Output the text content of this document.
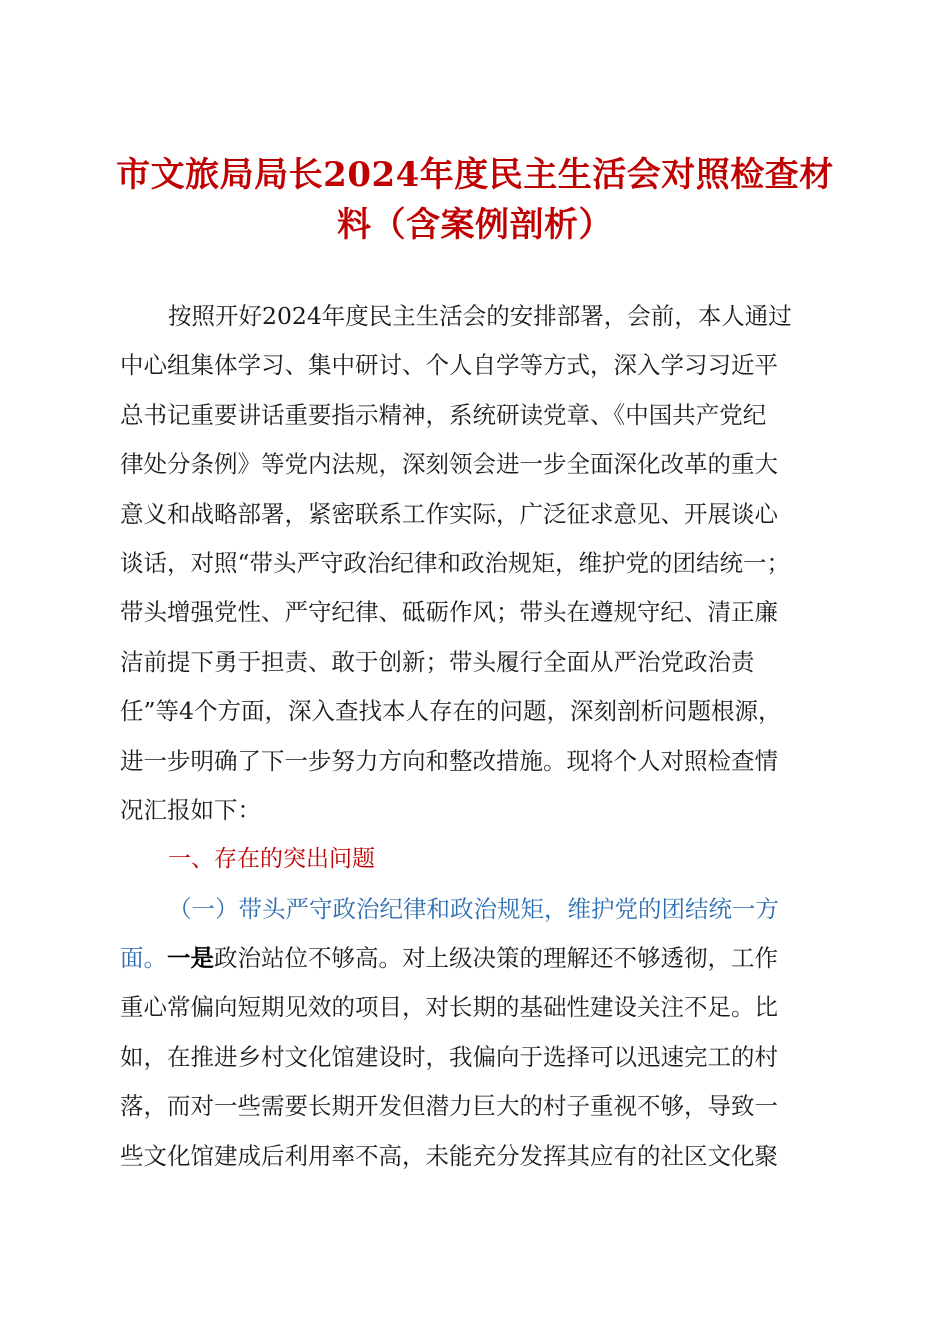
市文旅局局长2024年度民主生活会对照检查材
料（含案例剖析）
按照开好2024年度民主生活会的安排部署，会前，本人通过
中心组集体学习、集中研讨、个人自学等方式，深入学习习近平
总书记重要讲话重要指示精神，系统研读党章、《中国共产党纪
律处分条例》等党内法规，深刻领会进一步全面深化改革的重大
意义和战略部署，紧密联系工作实际，广泛征求意见、开展谈心
谈话，对照“带头严守政治纪律和政治规矩，维护党的团结统一；
带头增强党性、严守纪律、砥砺作风；带头在遵规守纪、清正廉
洁前提下勇于担责、敢于创新；带头履行全面从严治党政治责
任”等4个方面，深入查找本人存在的问题，深刻剖析问题根源，
进一步明确了下一步努力方向和整改措施。现将个人对照检查情
况汇报如下：
一、存在的突出问题
（一）带头严守政治纪律和政治规矩，维护党的团结统一方
面。一是政治站位不够高。对上级决策的理解还不够透彻，工作
重心常偏向短期见效的项目，对长期的基础性建设关注不足。比
如，在推进乡村文化馆建设时，我偏向于选择可以迅速完工的村
落，而对一些需要长期开发但潜力巨大的村子重视不够，导致一
些文化馆建成后利用率不高，未能充分发挥其应有的社区文化聚
